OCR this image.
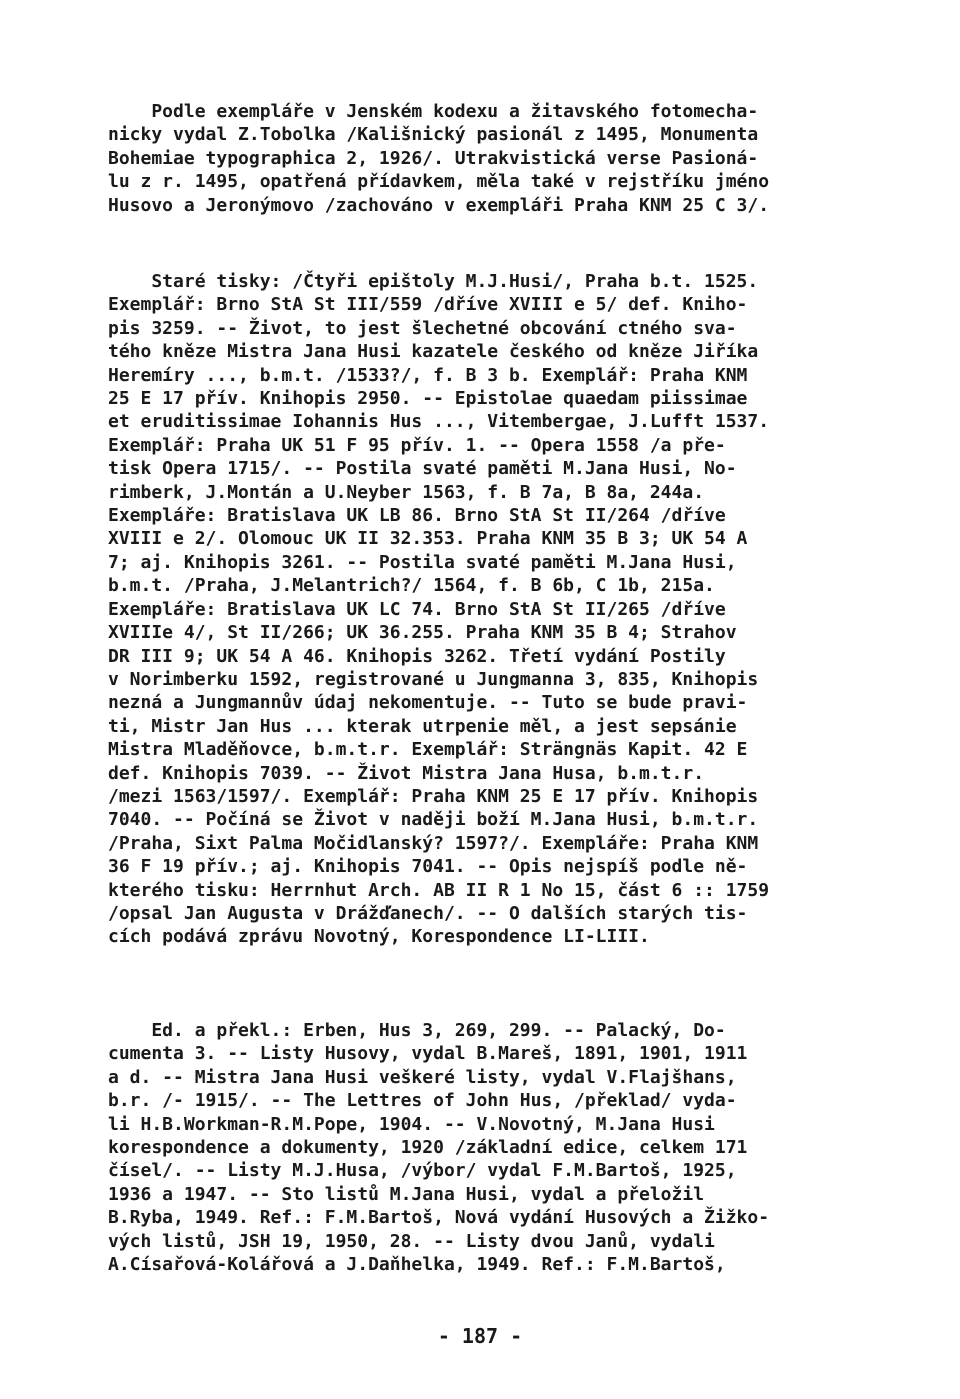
Podle exempláře v Jenském kodexu a žitavského fotomecha-
nicky vydal Z.Tobolka /Kališnický pasionál z 1495, Monumenta
Bohemiae typographica 2, 1926/. Utrakvistická verse Pasioná-
lu z r. 1495, opatřená přídavkem, měla také v rejstříku jméno
Husovo a Jeronýmovo /zachováno v exempláři Praha KNM 25 C 3/.
Staré tisky: /Čtyři epištoly M.J.Husi/, Praha b.t. 1525.
Exemplář: Brno StA St III/559 /dříve XVIII e 5/ def. Kniho-
pis 3259. -- Život, to jest šlechetné obcování ctného sva-
tého kněze Mistra Jana Husi kazatele českého od kněze Jiříka
Heremíry ..., b.m.t. /1533?/, f. B 3 b. Exemplář: Praha KNM
25 E 17 přív. Knihopis 2950. -- Epistolae quaedam piissimae
et eruditissimae Iohannis Hus ..., Vitembergae, J.Lufft 1537.
Exemplář: Praha UK 51 F 95 přív. 1. -- Opera 1558 /a pře-
tisk Opera 1715/. -- Postila svaté paměti M.Jana Husi, No-
rimberk, J.Montán a U.Neyber 1563, f. B 7a, B 8a, 244a.
Exempláře: Bratislava UK LB 86. Brno StA St II/264 /dříve
XVIII e 2/. Olomouc UK II 32.353. Praha KNM 35 B 3; UK 54 A
7; aj. Knihopis 3261. -- Postila svaté paměti M.Jana Husi,
b.m.t. /Praha, J.Melantrich?/ 1564, f. B 6b, C 1b, 215a.
Exempláře: Bratislava UK LC 74. Brno StA St II/265 /dříve
XVIIIe 4/, St II/266; UK 36.255. Praha KNM 35 B 4; Strahov
DR III 9; UK 54 A 46. Knihopis 3262. Třetí vydání Postily
v Norimberku 1592, registrované u Jungmanna 3, 835, Knihopis
nezná a Jungmannův údaj nekomentuje. -- Tuto se bude pravi-
ti, Mistr Jan Hus ... kterak utrpenie měl, a jest sepsánie
Mistra Mladěňovce, b.m.t.r. Exemplář: Strängnäs Kapit. 42 E
def. Knihopis 7039. -- Život Mistra Jana Husa, b.m.t.r.
/mezi 1563/1597/. Exemplář: Praha KNM 25 E 17 přív. Knihopis
7040. -- Počíná se Život v naději boží M.Jana Husi, b.m.t.r.
/Praha, Sixt Palma Močidlanský? 1597?/. Exempláře: Praha KNM
36 F 19 přív.; aj. Knihopis 7041. -- Opis nejspíš podle ně-
kterého tisku: Herrnhut Arch. AB II R 1 No 15, část 6 :: 1759
/opsal Jan Augusta v Drážďanech/. -- O dalších starých tis-
cích podává zprávu Novotný, Korespondence LI-LIII.
Ed. a překl.: Erben, Hus 3, 269, 299. -- Palacký, Do-
cumenta 3. -- Listy Husovy, vydal B.Mareš, 1891, 1901, 1911
a d. -- Mistra Jana Husi veškeré listy, vydal V.Flajšhans,
b.r. /- 1915/. -- The Lettres of John Hus, /překlad/ vyda-
li H.B.Workman-R.M.Pope, 1904. -- V.Novotný, M.Jana Husi
korespondence a dokumenty, 1920 /základní edice, celkem 171
čísel/. -- Listy M.J.Husa, /výbor/ vydal F.M.Bartoš, 1925,
1936 a 1947. -- Sto listů M.Jana Husi, vydal a přeložil
B.Ryba, 1949. Ref.: F.M.Bartoš, Nová vydání Husových a Žižko-
vých listů, JSH 19, 1950, 28. -- Listy dvou Janů, vydali
A.Císařová-Kolářová a J.Daňhelka, 1949. Ref.: F.M.Bartoš,
- 187 -
